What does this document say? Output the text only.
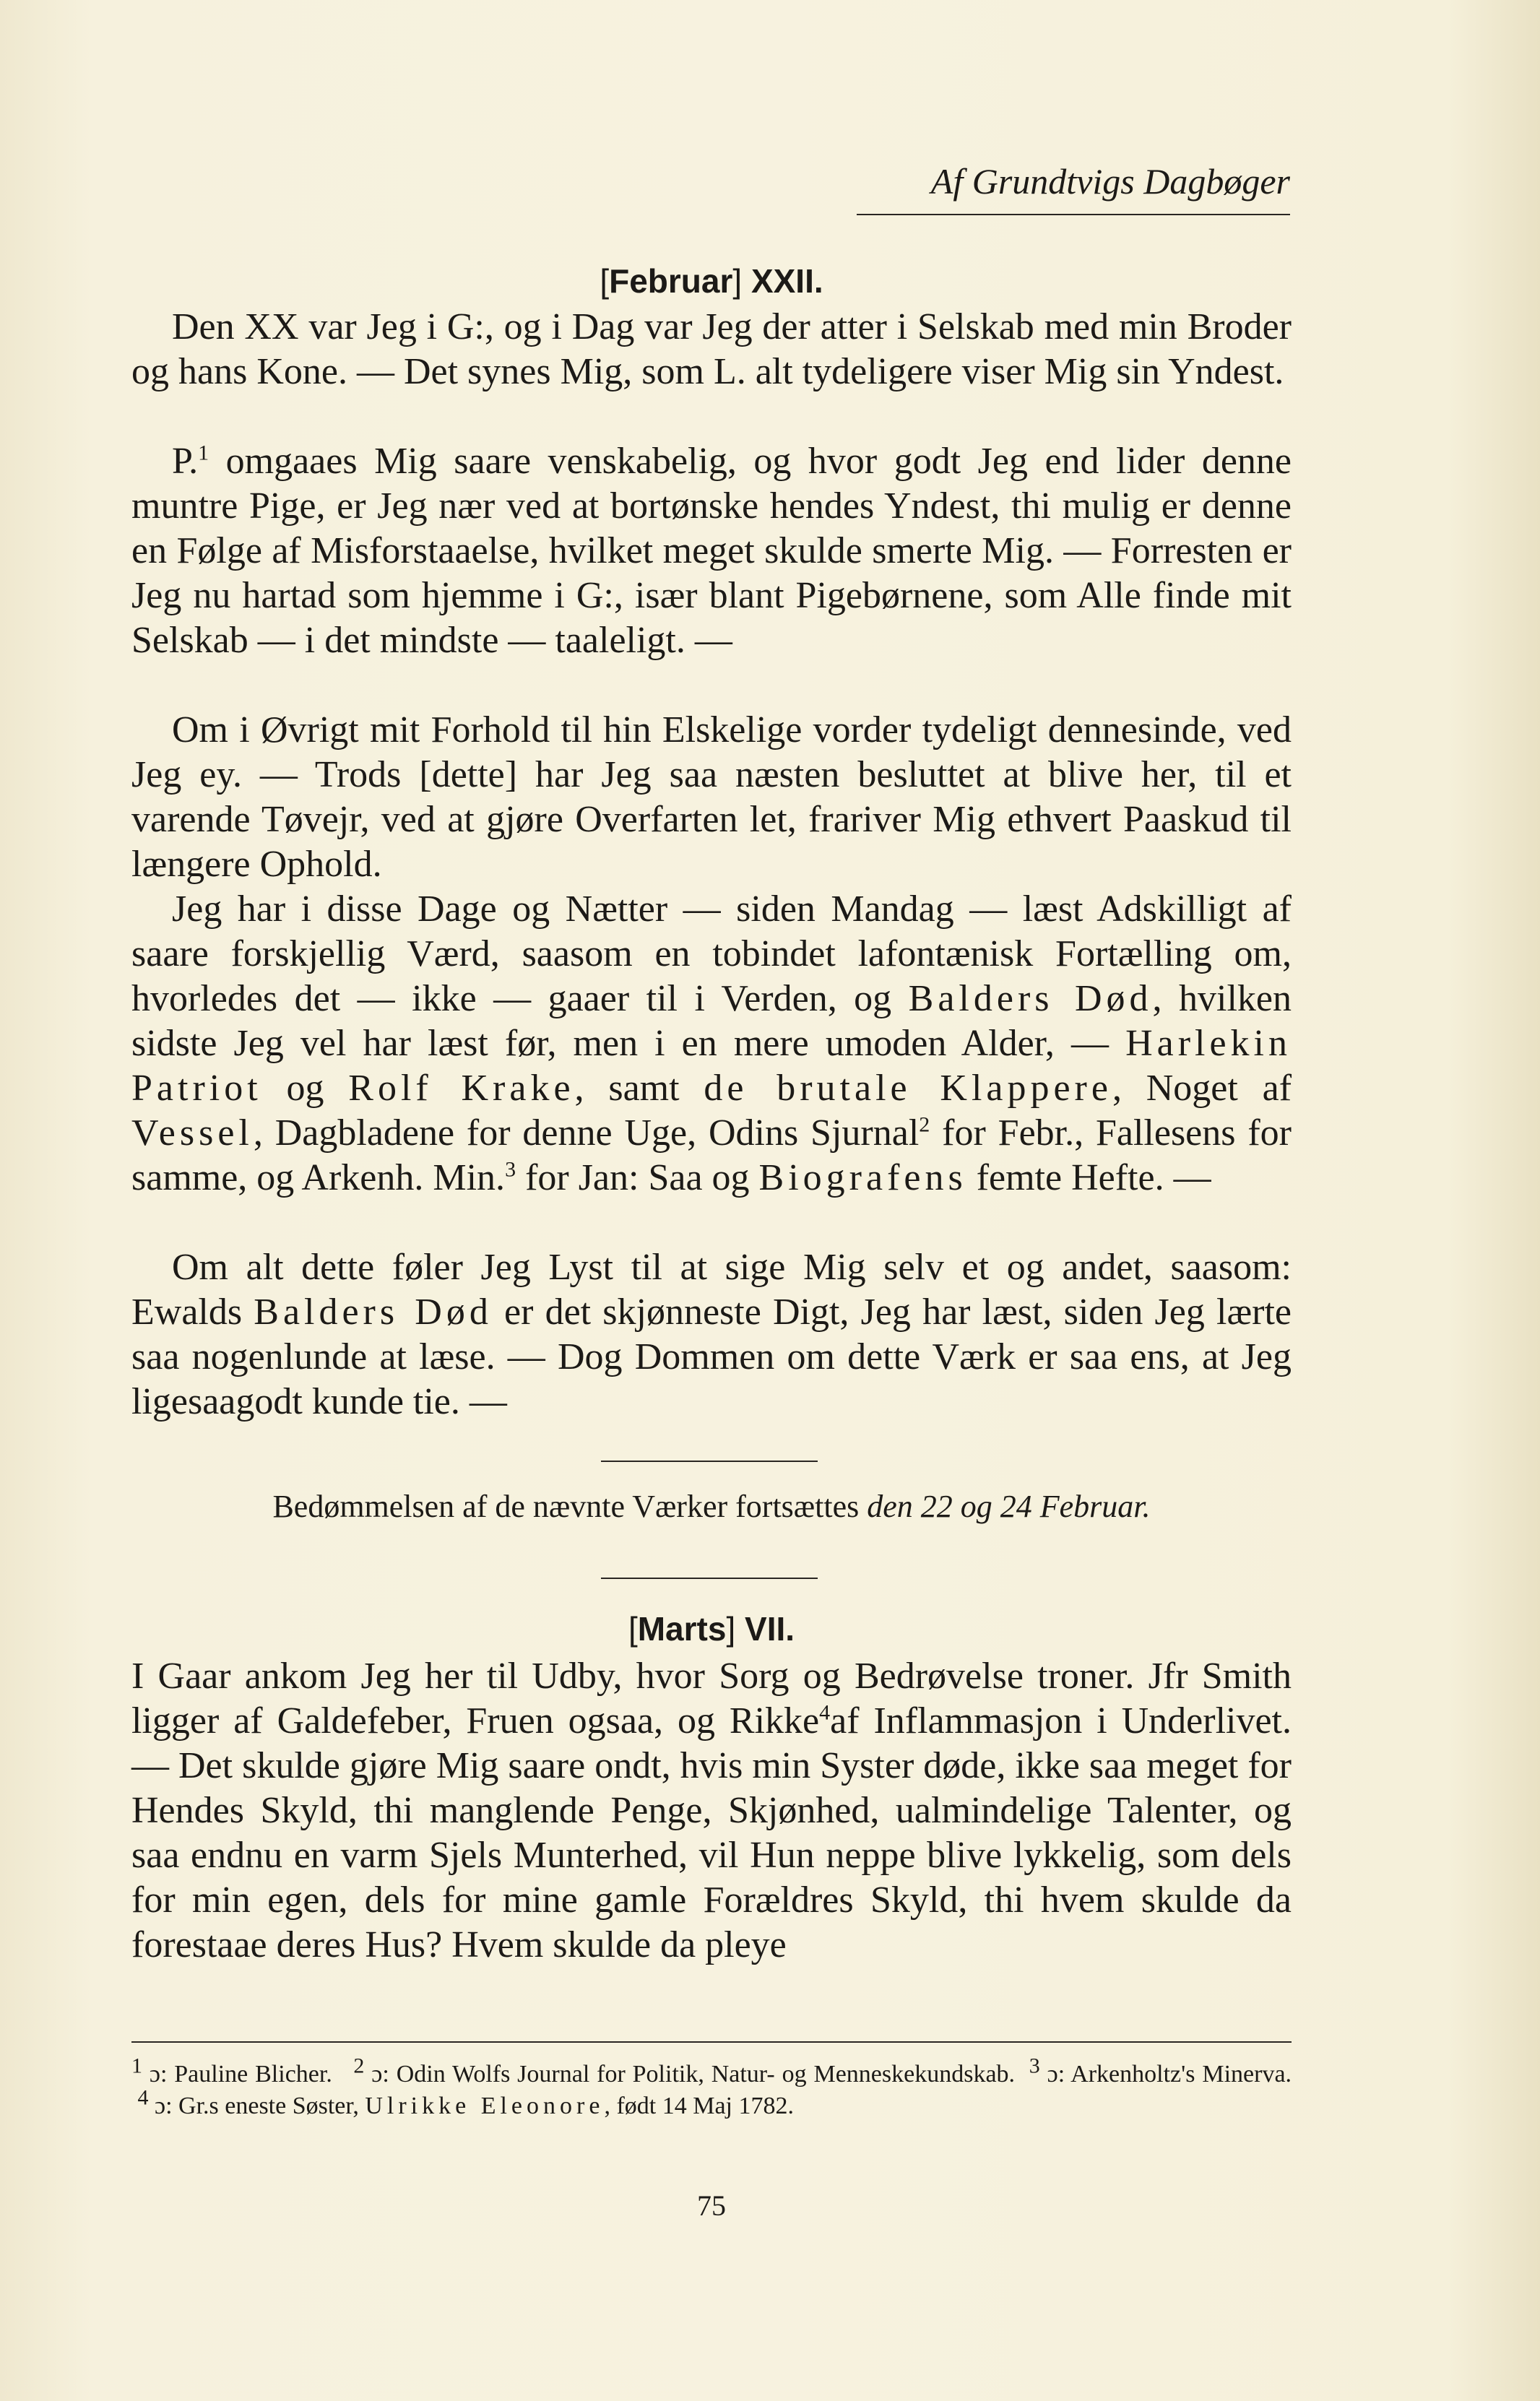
Af Grundtvigs Dagbøger
[Februar] XXII.

Den XX var Jeg i G:, og i Dag var Jeg der atter i Selskab med min Broder og hans Kone. — Det synes Mig, som L. alt tydeligere viser Mig sin Yndest.

P.$^1$ omgaaes Mig saare venskabelig, og hvor godt Jeg end lider denne muntre Pige, er Jeg nær ved at bortønske hendes Yndest, thi mulig er denne en Følge af Misforstaaelse, hvilket meget skulde smerte Mig. — Forresten er Jeg nu hartad som hjemme i G:, især blant Pigebørnene, som Alle finde mit Selskab — i det mindste — taaleligt. —

Om i Øvrigt mit Forhold til hin Elskelige vorder tydeligt dennesinde, ved Jeg ey. — Trods [dette] har Jeg saa næsten besluttet at blive her, til et varende Tøvejr, ved at gjøre Overfarten let, frariver Mig ethvert Paaskud til længere Ophold.

Jeg har i disse Dage og Nætter — siden Mandag — læst Adskilligt af saare forskjellig Værd, saasom en tobindet lafontænisk Fortælling om, hvorledes det — ikke — gaaer til i Verden, og Balders Død, hvilken sidste Jeg vel har læst før, men i en mere umoden Alder, — Harlekin Patriot og Rolf Krake, samt de brutale Klappere, Noget af Vessel, Dagbladene for denne Uge, Odins Sjurnal$^2$ for Febr., Fallesens for samme, og Arkenh. Min.$^3$ for Jan: Saa og Biografens femte Hefte. —

Om alt dette føler Jeg Lyst til at sige Mig selv et og andet, saasom: Ewalds Balders Død er det skjønneste Digt, Jeg har læst, siden Jeg lærte saa nogenlunde at læse. — Dog Dommen om dette Værk er saa ens, at Jeg ligesaagodt kunde tie. —

Bedømmelsen af de nævnte Værker fortsættes den 22 og 24 Februar.
[Marts] VII.

I Gaar ankom Jeg her til Udby, hvor Sorg og Bedrøvelse troner. Jfr Smith ligger af Galdefeber, Fruen ogsaa, og Rikke$^4$af Inflammasjon i Underlivet. — Det skulde gjøre Mig saare ondt, hvis min Syster døde, ikke saa meget for Hendes Skyld, thi manglende Penge, Skjønhed, ualmindelige Talenter, og saa endnu en varm Sjels Munterhed, vil Hun neppe blive lykkelig, som dels for min egen, dels for mine gamle Forældres Skyld, thi hvem skulde da forestaae deres Hus? Hvem skulde da pleye

$^1$ ɔ: Pauline Blicher. $^2$ ɔ: Odin Wolfs Journal for Politik, Natur- og Menneskekundskab. $^3$ ɔ: Arkenholtz's Minerva.  $^4$ ɔ: Gr.s eneste Søster, Ulrikke Eleonore, født 14 Maj 1782.
75
